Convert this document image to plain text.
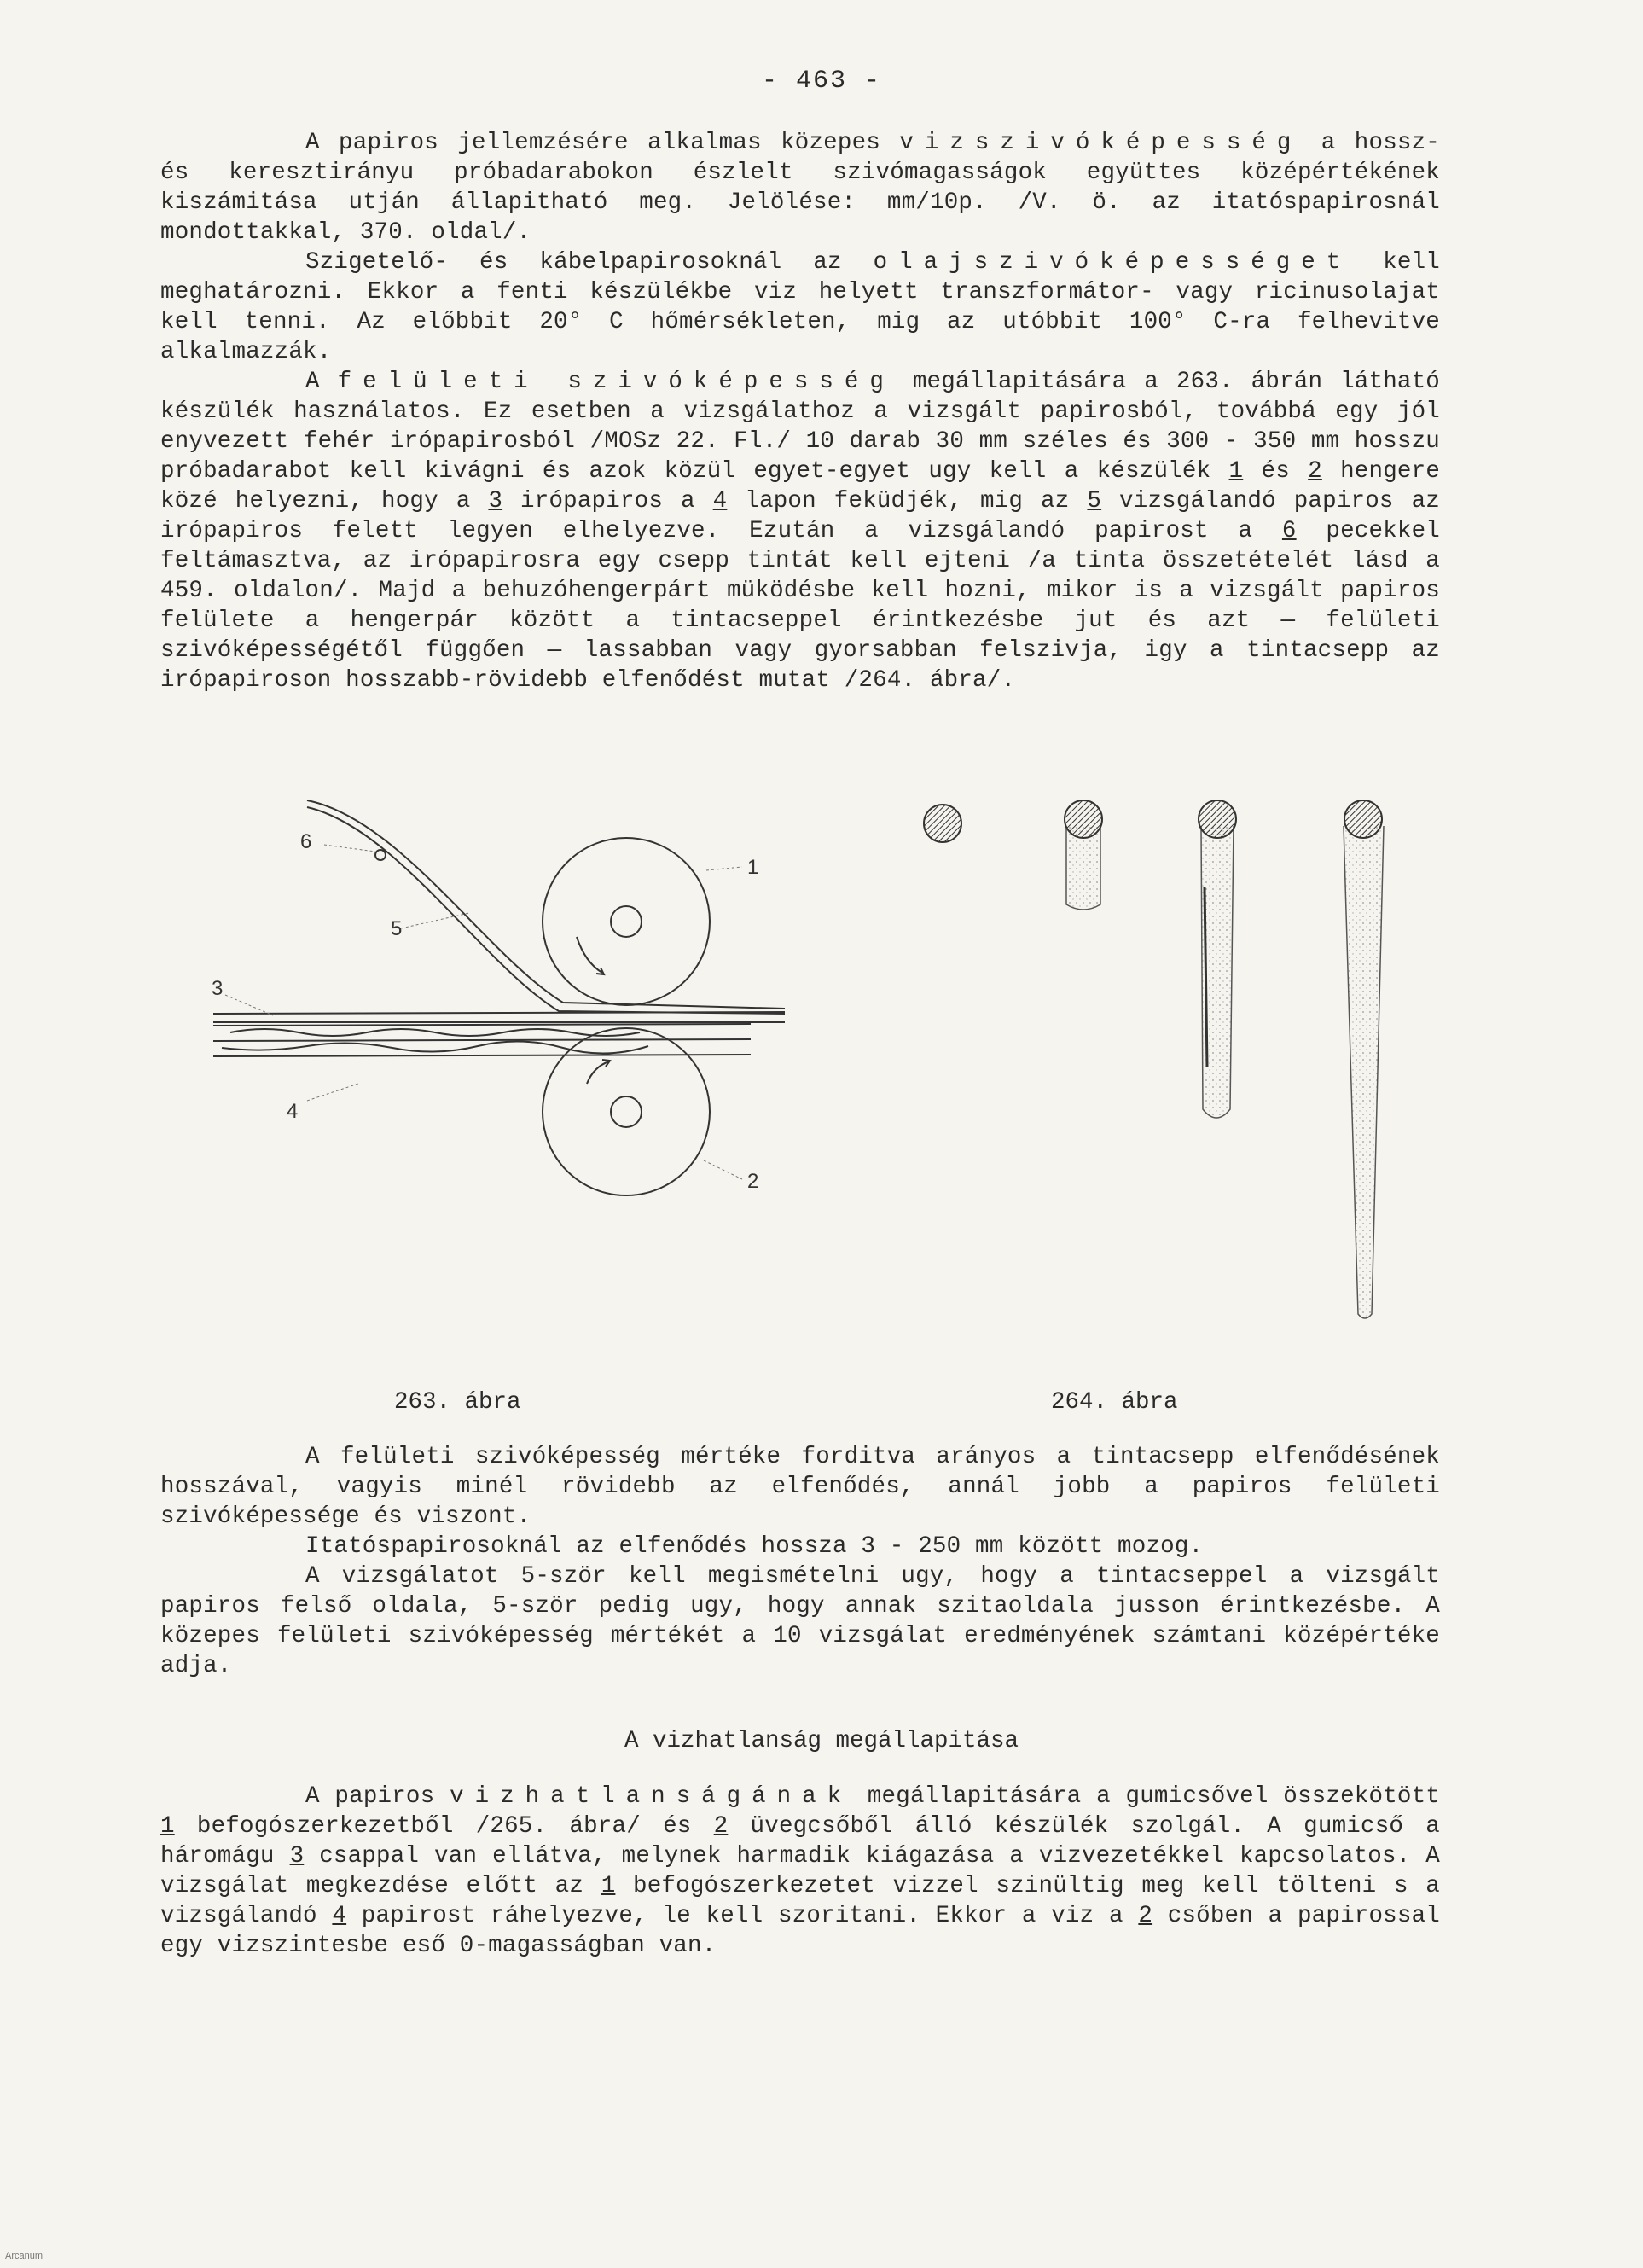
- 463 -

A papiros jellemzésére alkalmas közepes vizszivóképesség a hossz- és keresztirányu próbadarabokon észlelt szivómagasságok együttes középértékének kiszámitása utján állapitható meg. Jelölése: mm/10p. /V. ö. az itatóspapirosnál mondottakkal, 370. oldal/.

Szigetelő- és kábelpapirosoknál az olajszivóképességet kell meghatározni. Ekkor a fenti készülékbe viz helyett transzformátor- vagy ricinusolajat kell tenni. Az előbbit 20° C hőmérsékleten, mig az utóbbit 100° C-ra felhevitve alkalmazzák.

A felületi szivóképesség megállapitására a 263. ábrán látható készülék használatos. Ez esetben a vizsgálathoz a vizsgált papirosból, továbbá egy jól enyvezett fehér irópapirosból /MOSz 22. Fl./ 10 darab 30 mm széles és 300 - 350 mm hosszu próbadarabot kell kivágni és azok közül egyet-egyet ugy kell a készülék 1 és 2 hengere közé helyezni, hogy a 3 irópapiros a 4 lapon feküdjék, mig az 5 vizsgálandó papiros az irópapiros felett legyen elhelyezve. Ezután a vizsgálandó papirost a 6 pecekkel feltámasztva, az irópapirosra egy csepp tintát kell ejteni /a tinta összetételét lásd a 459. oldalon/. Majd a behuzóhengerpárt müködésbe kell hozni, mikor is a vizsgált papiros felülete a hengerpár között a tintacseppel érintkezésbe jut és azt — felületi szivóképességétől függően — lassabban vagy gyorsabban felszivja, igy a tintacsepp az irópapiroson hosszabb-rövidebb elfenődést mutat /264. ábra/.

1
2
3
4
5
6
263. ábra	264. ábra

A felületi szivóképesség mértéke forditva arányos a tintacsepp elfenődésének hosszával, vagyis minél rövidebb az elfenődés, annál jobb a papiros felületi szivóképessége és viszont.

Itatóspapirosoknál az elfenődés hossza 3 - 250 mm között mozog.

A vizsgálatot 5-ször kell megismételni ugy, hogy a tintacseppel a vizsgált papiros felső oldala, 5-ször pedig ugy, hogy annak szitaoldala jusson érintkezésbe. A közepes felületi szivóképesség mértékét a 10 vizsgálat eredményének számtani középértéke adja.

A vizhatlanság megállapitása

A papiros vizhatlanságának megállapitására a gumicsővel összekötött 1 befogószerkezetből /265. ábra/ és 2 üvegcsőből álló készülék szolgál. A gumicső a háromágu 3 csappal van ellátva, melynek harmadik kiágazása a vizvezetékkel kapcsolatos. A vizsgálat megkezdése előtt az 1 befogószerkezetet vizzel szinültig meg kell tölteni s a vizsgálandó 4 papirost ráhelyezve, le kell szoritani. Ekkor a viz a 2 csőben a papirossal egy vizszintesbe eső 0-magasságban van.

Arcanum
